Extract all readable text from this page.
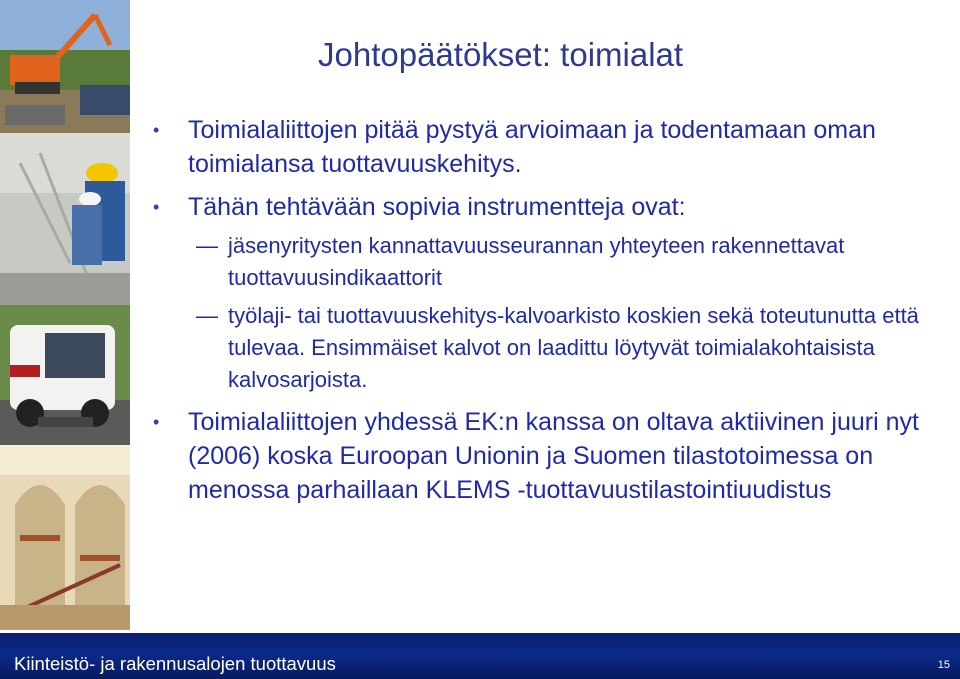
Johtopäätökset: toimialat
• Toimialaliittojen pitää pystyä arvioimaan ja todentamaan oman toimialansa tuottavuuskehitys.
• Tähän tehtävään sopivia instrumentteja ovat:
— jäsenyritysten kannattavuusseurannan yhteyteen rakennettavat tuottavuusindikaattorit
— työlaji- tai tuottavuuskehitys-kalvoarkisto koskien sekä toteutunutta että tulevaa. Ensimmäiset kalvot on laadittu löytyvät toimialakohtaisista kalvosarjoista.
• Toimialaliittojen yhdessä EK:n kanssa on oltava aktiivinen juuri nyt (2006) koska Euroopan Unionin ja Suomen tilastotoimessa on menossa parhaillaan KLEMS -tuottavuustilastointiuudistus
Kiinteistö- ja rakennusalojen tuottavuus	15
